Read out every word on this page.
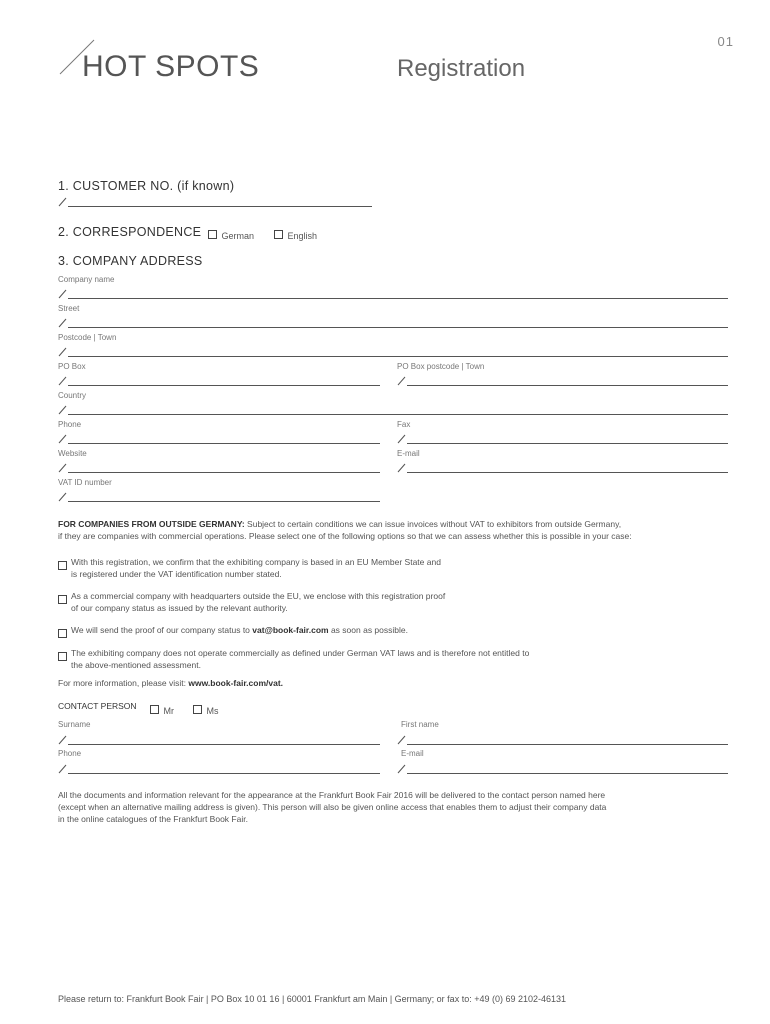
01
HOT SPOTS	Registration
1. CUSTOMER NO. (if known)
2. CORRESPONDENCE	German	English
3. COMPANY ADDRESS
Company name
Street
Postcode | Town
PO Box	PO Box postcode | Town
Country
Phone	Fax
Website	E-mail
VAT ID number
FOR COMPANIES FROM OUTSIDE GERMANY: Subject to certain conditions we can issue invoices without VAT to exhibitors from outside Germany,
if they are companies with commercial operations. Please select one of the following options so that we can assess whether this is possible in your case:
With this registration, we confirm that the exhibiting company is based in an EU Member State and
is registered under the VAT identification number stated.
As a commercial company with headquarters outside the EU, we enclose with this registration proof
of our company status as issued by the relevant authority.
We will send the proof of our company status to vat@book-fair.com as soon as possible.
The exhibiting company does not operate commercially as defined under German VAT laws and is therefore not entitled to
the above-mentioned assessment.
For more information, please visit: www.book-fair.com/vat.
CONTACT PERSON	Mr	Ms
Surname	First name
Phone	E-mail
All the documents and information relevant for the appearance at the Frankfurt Book Fair 2016 will be delivered to the contact person named here
(except when an alternative mailing address is given). This person will also be given online access that enables them to adjust their company data
in the online catalogues of the Frankfurt Book Fair.
Please return to: Frankfurt Book Fair | PO Box 10 01 16 | 60001 Frankfurt am Main | Germany; or fax to: +49 (0) 69 2102-46131
